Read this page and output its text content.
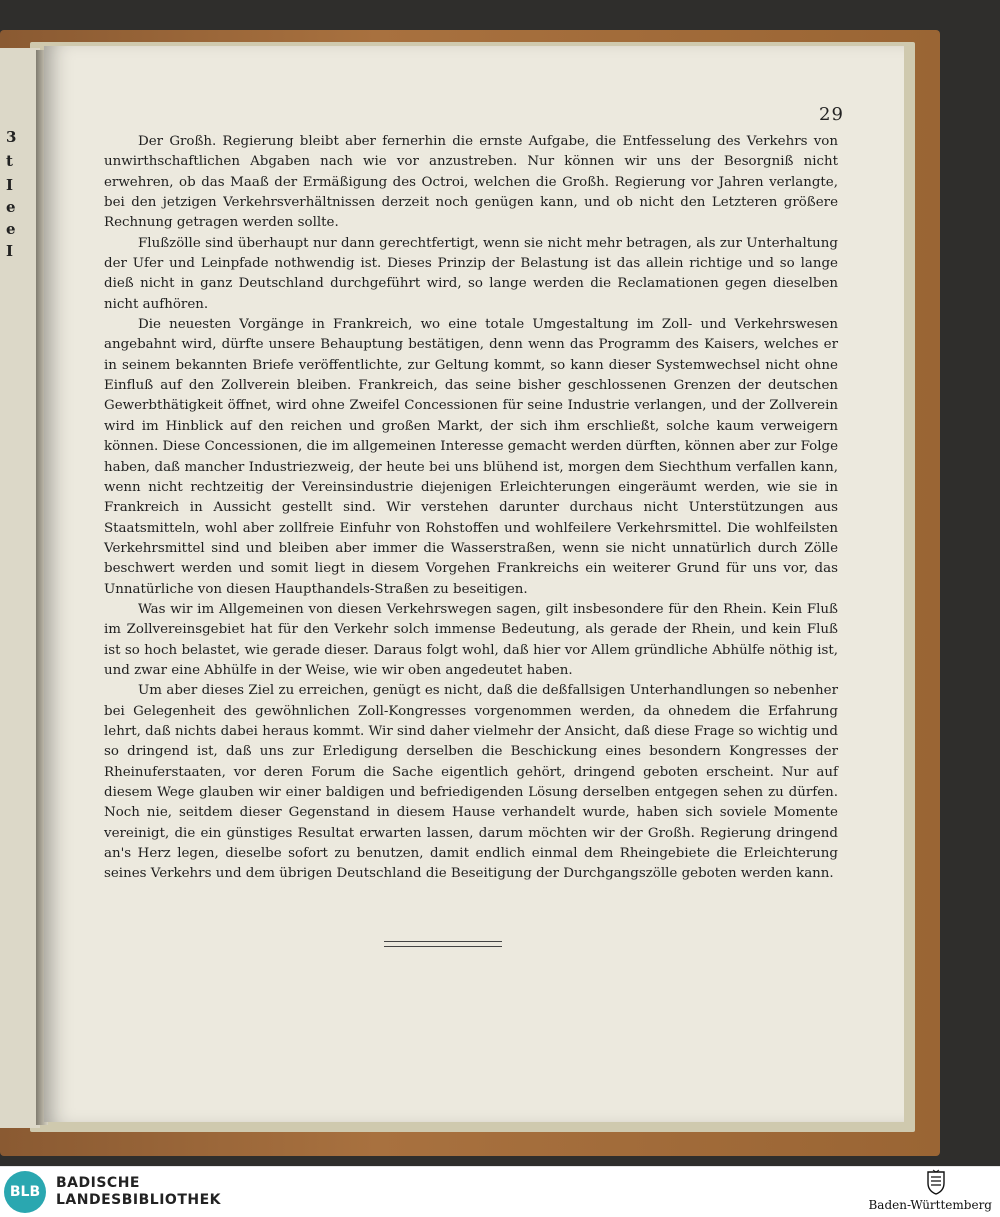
3
t
I
e
e
I
29

Der Großh. Regierung bleibt aber fernerhin die ernste Aufgabe, die Entfesselung des Verkehrs von unwirthschaftlichen Abgaben nach wie vor anzustreben. Nur können wir uns der Besorgniß nicht erwehren, ob das Maaß der Ermäßigung des Octroi, welchen die Großh. Regierung vor Jahren verlangte, bei den jetzigen Verkehrsverhältnissen derzeit noch genügen kann, und ob nicht den Letzteren größere Rechnung getragen werden sollte.

Flußzölle sind überhaupt nur dann gerechtfertigt, wenn sie nicht mehr betragen, als zur Unterhaltung der Ufer und Leinpfade nothwendig ist. Dieses Prinzip der Belastung ist das allein richtige und so lange dieß nicht in ganz Deutschland durchgeführt wird, so lange werden die Reclamationen gegen dieselben nicht aufhören.

Die neuesten Vorgänge in Frankreich, wo eine totale Umgestaltung im Zoll- und Verkehrswesen angebahnt wird, dürfte unsere Behauptung bestätigen, denn wenn das Programm des Kaisers, welches er in seinem bekannten Briefe veröffentlichte, zur Geltung kommt, so kann dieser Systemwechsel nicht ohne Einfluß auf den Zollverein bleiben. Frankreich, das seine bisher geschlossenen Grenzen der deutschen Gewerbthätigkeit öffnet, wird ohne Zweifel Concessionen für seine Industrie verlangen, und der Zollverein wird im Hinblick auf den reichen und großen Markt, der sich ihm erschließt, solche kaum verweigern können. Diese Concessionen, die im allgemeinen Interesse gemacht werden dürften, können aber zur Folge haben, daß mancher Industriezweig, der heute bei uns blühend ist, morgen dem Siechthum verfallen kann, wenn nicht rechtzeitig der Vereinsindustrie diejenigen Erleichterungen eingeräumt werden, wie sie in Frankreich in Aussicht gestellt sind. Wir verstehen darunter durchaus nicht Unterstützungen aus Staatsmitteln, wohl aber zollfreie Einfuhr von Rohstoffen und wohlfeilere Verkehrsmittel. Die wohlfeilsten Verkehrsmittel sind und bleiben aber immer die Wasserstraßen, wenn sie nicht unnatürlich durch Zölle beschwert werden und somit liegt in diesem Vorgehen Frankreichs ein weiterer Grund für uns vor, das Unnatürliche von diesen Haupthandels-Straßen zu beseitigen.

Was wir im Allgemeinen von diesen Verkehrswegen sagen, gilt insbesondere für den Rhein. Kein Fluß im Zollvereinsgebiet hat für den Verkehr solch immense Bedeutung, als gerade der Rhein, und kein Fluß ist so hoch belastet, wie gerade dieser. Daraus folgt wohl, daß hier vor Allem gründliche Abhülfe nöthig ist, und zwar eine Abhülfe in der Weise, wie wir oben angedeutet haben.

Um aber dieses Ziel zu erreichen, genügt es nicht, daß die deßfallsigen Unterhandlungen so nebenher bei Gelegenheit des gewöhnlichen Zoll-Kongresses vorgenommen werden, da ohnedem die Erfahrung lehrt, daß nichts dabei heraus kommt. Wir sind daher vielmehr der Ansicht, daß diese Frage so wichtig und so dringend ist, daß uns zur Erledigung derselben die Beschickung eines besondern Kongresses der Rheinuferstaaten, vor deren Forum die Sache eigentlich gehört, dringend geboten erscheint. Nur auf diesem Wege glauben wir einer baldigen und befriedigenden Lösung derselben entgegen sehen zu dürfen. Noch nie, seitdem dieser Gegenstand in diesem Hause verhandelt wurde, haben sich soviele Momente vereinigt, die ein günstiges Resultat erwarten lassen, darum möchten wir der Großh. Regierung dringend an's Herz legen, dieselbe sofort zu benutzen, damit endlich einmal dem Rheingebiete die Erleichterung seines Verkehrs und dem übrigen Deutschland die Beseitigung der Durchgangszölle geboten werden kann.

BLB
BADISCHE
LANDESBIBLIOTHEK	Baden-Württemberg
